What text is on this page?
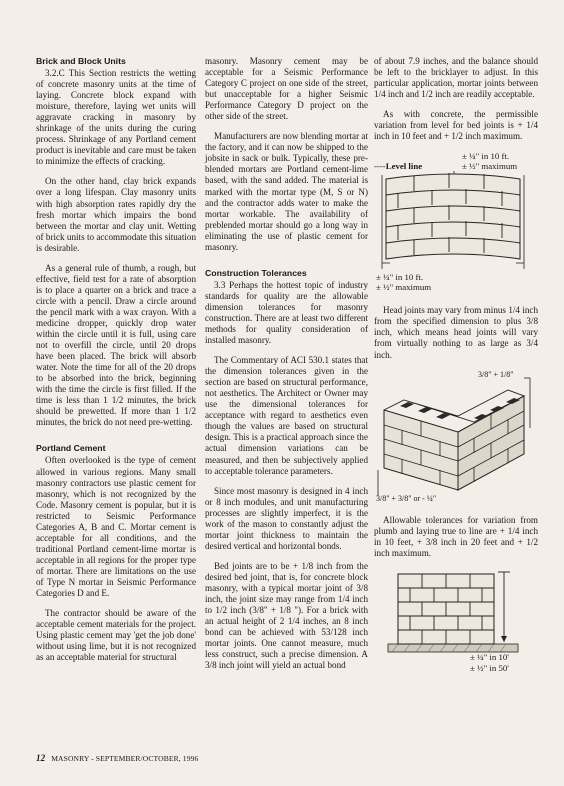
Brick and Block Units

3.2.C This Section restricts the wetting of concrete masonry units at the time of laying. Concrete block expand with moisture, therefore, laying wet units will aggravate cracking in masonry by shrinkage of the units during the curing process. Shrinkage of any Portland cement product is inevitable and care must be taken to minimize the effects of cracking.

On the other hand, clay brick expands over a long lifespan. Clay masonry units with high absorption rates rapidly dry the fresh mortar which impairs the bond between the mortar and clay unit. Wetting of brick units to accommodate this situation is desirable.

As a general rule of thumb, a rough, but effective, field test for a rate of absorption is to place a quarter on a brick and trace a circle with a pencil. Draw a circle around the pencil mark with a wax crayon. With a medicine dropper, quickly drop water within the circle until it is full, using care not to overfill the circle, until 20 drops have been placed. The brick will absorb water. Note the time for all of the 20 drops to be absorbed into the brick, beginning with the time the circle is first filled. If the time is less than 1 1/2 minutes, the brick should be prewetted. If more than 1 1/2 minutes, the brick do not need pre-wetting.

Portland Cement

Often overlooked is the type of cement allowed in various regions. Many small masonry contractors use plastic cement for masonry, which is not recognized by the Code. Masonry cement is popular, but it is restricted to Seismic Performance Categories A, B and C. Mortar cement is acceptable for all conditions, and the traditional Portland cement-lime mortar is acceptable in all regions for the proper type of mortar. There are limitations on the use of Type N mortar in Seismic Performance Categories D and E.

The contractor should be aware of the acceptable cement materials for the project. Using plastic cement may 'get the job done' without using lime, but it is not recognized as an acceptable material for structural

masonry. Masonry cement may be acceptable for a Seismic Performance Category C project on one side of the street, but unacceptable for a higher Seismic Performance Category D project on the other side of the street.

Manufacturers are now blending mortar at the factory, and it can now be shipped to the jobsite in sack or bulk. Typically, these pre-blended mortars are Portland cement-lime based, with the sand added. The material is marked with the mortar type (M, S or N) and the contractor adds water to make the mortar workable. The availability of preblended mortar should go a long way in eliminating the use of plastic cement for masonry.

Construction Tolerances

3.3 Perhaps the hottest topic of industry standards for quality are the allowable dimension tolerances for masonry construction. There are at least two different methods for quality consideration of installed masonry.

The Commentary of ACI 530.1 states that the dimension tolerances given in the section are based on structural performance, not aesthetics. The Architect or Owner may use the dimensional tolerances for acceptance with regard to aesthetics even though the values are based on structural design. This is a practical approach since the actual dimension variations can be measured, and then be subjectively applied to acceptable tolerance parameters.

Since most masonry is designed in 4 inch or 8 inch modules, and unit manufacturing processes are slightly imperfect, it is the work of the mason to constantly adjust the mortar joint thickness to maintain the desired vertical and horizontal bonds.

Bed joints are to be + 1/8 inch from the desired bed joint, that is, for concrete block masonry, with a typical mortar joint of 3/8 inch, the joint size may range from 1/4 inch to 1/2 inch (3/8" + 1/8 "). For a brick with an actual height of 2 1/4 inches, an 8 inch bond can be achieved with 53/128 inch mortar joints. One cannot measure, much less construct, such a precise dimension. A 3/8 inch joint will yield an actual bond

of about 7.9 inches, and the balance should be left to the bricklayer to adjust. In this particular application, mortar joints between 1/4 inch and 1/2 inch are readily acceptable.

As with concrete, the permissible variation from level for bed joints is + 1/4 inch in 10 feet and + 1/2 inch maximum.

± ¼" in 10 ft.
± ½" maximum
----Level line
± ¼" in 10 ft.
± ½" maximum

Head joints may vary from minus 1/4 inch from the specified dimension to plus 3/8 inch, which means head joints will vary from virtually nothing to as large as 3/4 inch.

3/8" + 1/8"
3/8" + 3/8" or - ¼"

Allowable tolerances for variation from plumb and laying true to line are + 1/4 inch in 10 feet, + 3/8 inch in 20 feet and + 1/2 inch maximum.

± ¼" in 10'
± ½" in 50'
12 MASONRY - SEPTEMBER/OCTOBER, 1996
